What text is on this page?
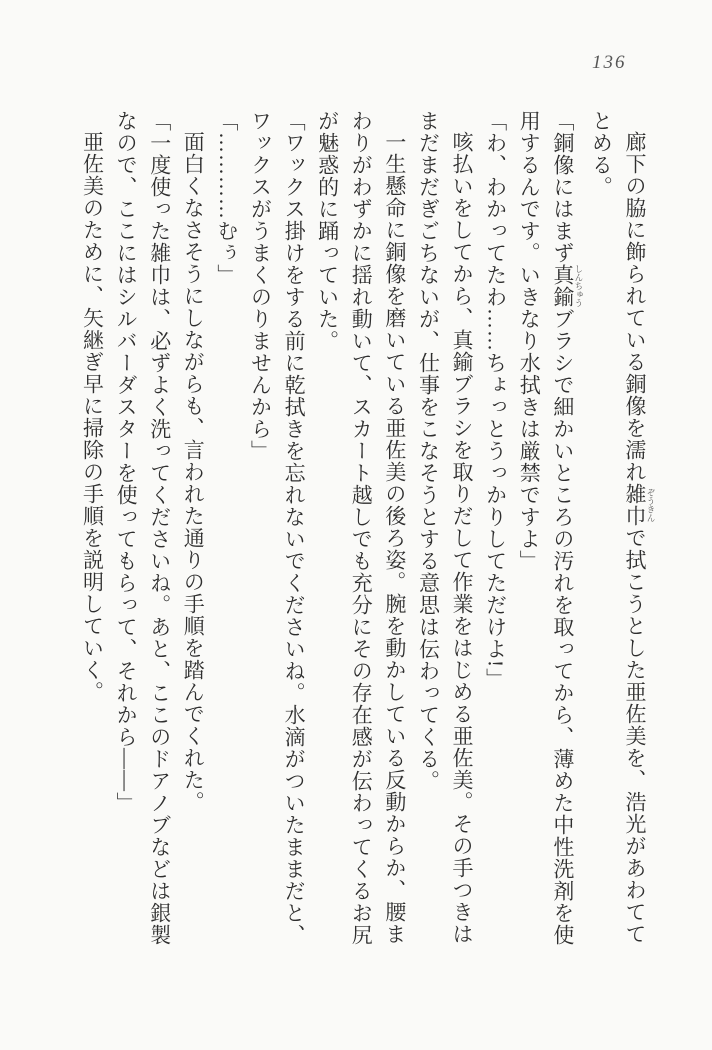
136

廊下の脇に飾られている銅像を濡れ雑巾 ぞうきんで拭こうとした亜佐美を、浩光があわててとめる。

「銅像にはまず真鍮 しんちゅうブラシで細かいところの汚れを取ってから、薄めた中性洗剤を使用するんです。いきなり水拭きは厳禁ですよ」

「わ、わかってたわ……ちょっとうっかりしてただけよ!」

咳払いをしてから、真鍮ブラシを取りだして作業をはじめる亜佐美。その手つきはまだまだぎごちないが、仕事をこなそうとする意思は伝わってくる。

一生懸命に銅像を磨いている亜佐美の後ろ姿。腕を動かしている反動からか、腰まわりがわずかに揺れ動いて、スカート越しでも充分にその存在感が伝わってくるお尻が魅惑的に踊っていた。

「ワックス掛けをする前に乾拭きを忘れないでくださいね。水滴がついたままだと、ワックスがうまくのりませんから」

「…………むぅ」

面白くなさそうにしながらも、言われた通りの手順を踏んでくれた。

「一度使った雑巾は、必ずよく洗ってくださいね。あと、ここのドアノブなどは銀製なので、ここにはシルバーダスターを使ってもらって、それから――」

亜佐美のために、矢継ぎ早に掃除の手順を説明していく。
